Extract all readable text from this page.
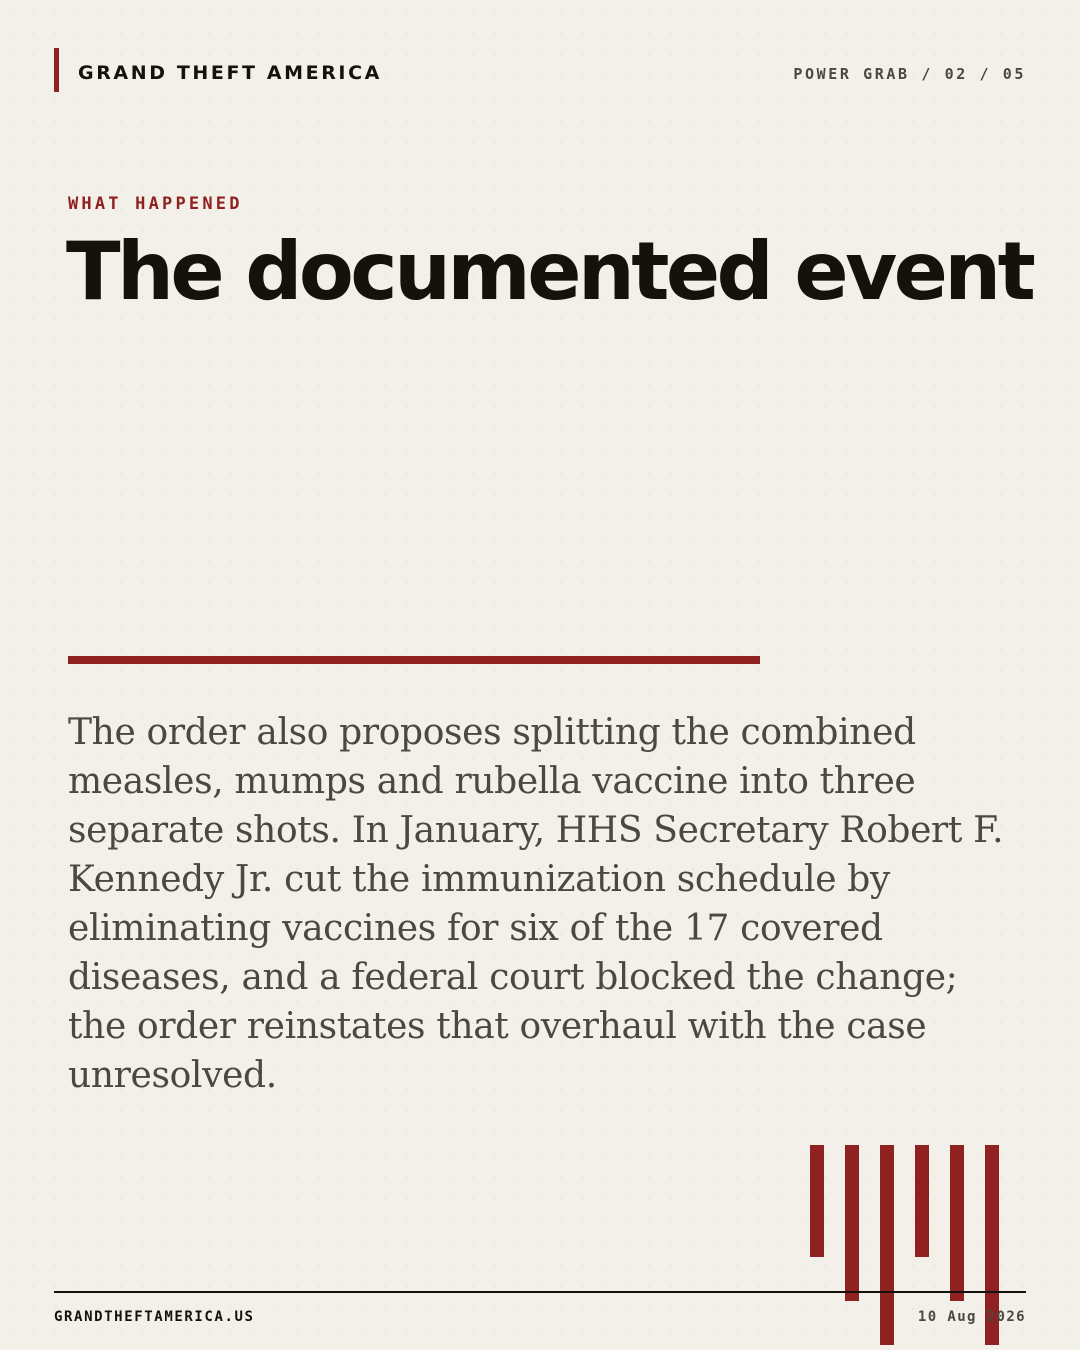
GRAND THEFT AMERICA	POWER GRAB / 02 / 05
WHAT HAPPENED
The documented event

The order also proposes splitting the combined measles, mumps and rubella vaccine into three separate shots. In January, HHS Secretary Robert F. Kennedy Jr. cut the immunization schedule by eliminating vaccines for six of the 17 covered diseases, and a federal court blocked the change; the order reinstates that overhaul with the case unresolved.

GRANDTHEFTAMERICA.US	10 Aug 2026
